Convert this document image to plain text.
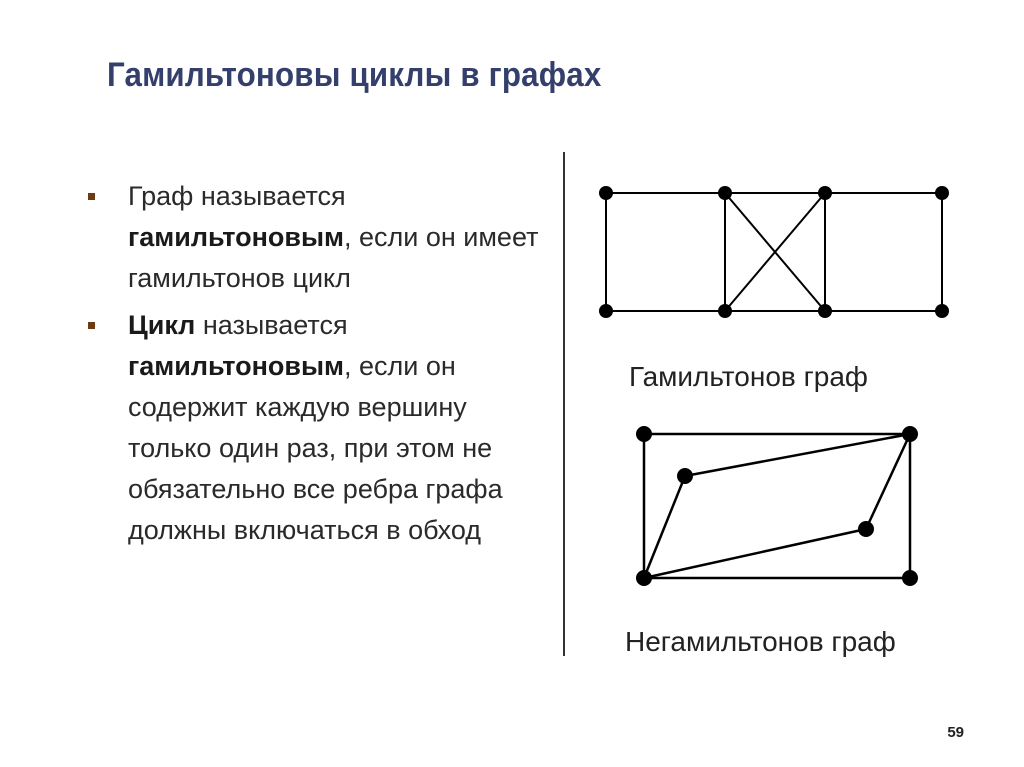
Гамильтоновы циклы в графах
Граф называется гамильтоновым, если он имеет гамильтонов цикл
Цикл называется гамильтоновым, если он содержит каждую вершину только один раз, при этом не обязательно все ребра графа должны включаться в обход
Гамильтонов граф
Негамильтонов граф
59
